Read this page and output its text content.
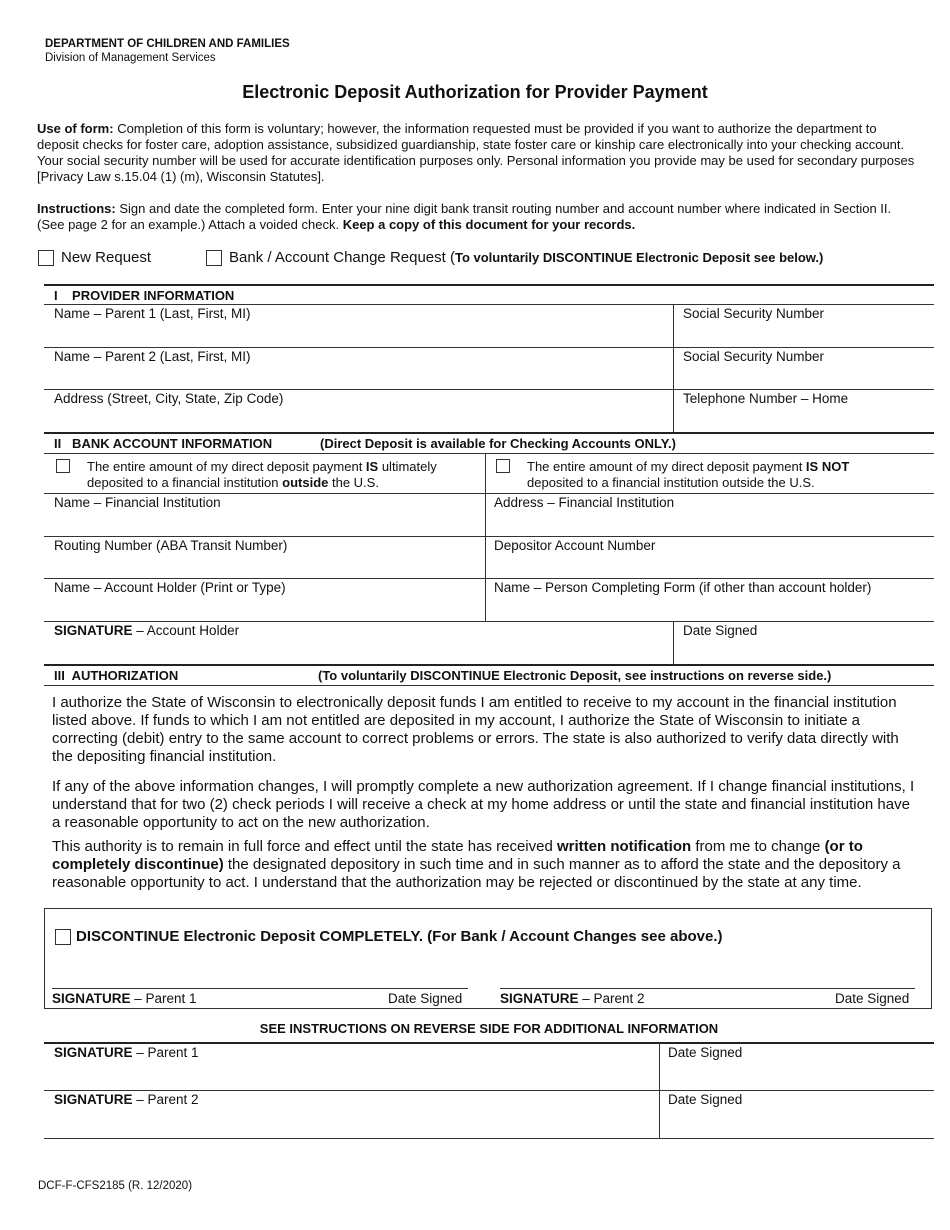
DEPARTMENT OF CHILDREN AND FAMILIES
Division of Management Services
Electronic Deposit Authorization for Provider Payment
Use of form: Completion of this form is voluntary; however, the information requested must be provided if you want to authorize the department to deposit checks for foster care, adoption assistance, subsidized guardianship, state foster care or kinship care electronically into your checking account. Your social security number will be used for accurate identification purposes only. Personal information you provide may be used for secondary purposes [Privacy Law s.15.04 (1) (m), Wisconsin Statutes].
Instructions: Sign and date the completed form. Enter your nine digit bank transit routing number and account number where indicated in Section II. (See page 2 for an example.) Attach a voided check. Keep a copy of this document for your records.
New Request	Bank / Account Change Request (To voluntarily DISCONTINUE Electronic Deposit see below.)
I    PROVIDER INFORMATION
Name – Parent 1 (Last, First, MI)	Social Security Number
Name – Parent 2 (Last, First, MI)	Social Security Number
Address (Street, City, State, Zip Code)	Telephone Number – Home
II   BANK ACCOUNT INFORMATION	(Direct Deposit is available for Checking Accounts ONLY.)
The entire amount of my direct deposit payment IS ultimately
deposited to a financial institution outside the U.S.
The entire amount of my direct deposit payment IS NOT
deposited to a financial institution outside the U.S.
Name – Financial Institution	Address – Financial Institution
Routing Number (ABA Transit Number)	Depositor Account Number
Name – Account Holder (Print or Type)	Name – Person Completing Form (if other than account holder)
SIGNATURE – Account Holder	Date Signed
III  AUTHORIZATION	(To voluntarily DISCONTINUE Electronic Deposit, see instructions on reverse side.)
I authorize the State of Wisconsin to electronically deposit funds I am entitled to receive to my account in the financial institution listed above. If funds to which I am not entitled are deposited in my account, I authorize the State of Wisconsin to initiate a correcting (debit) entry to the same account to correct problems or errors. The state is also authorized to verify data directly with the depositing financial institution.
If any of the above information changes, I will promptly complete a new authorization agreement. If I change financial institutions, I understand that for two (2) check periods I will receive a check at my home address or until the state and financial institution have a reasonable opportunity to act on the new authorization.
This authority is to remain in full force and effect until the state has received written notification from me to change (or to completely discontinue) the designated depository in such time and in such manner as to afford the state and the depository a reasonable opportunity to act. I understand that the authorization may be rejected or discontinued by the state at any time.
DISCONTINUE Electronic Deposit COMPLETELY. (For Bank / Account Changes see above.)
SIGNATURE – Parent 1	Date Signed	SIGNATURE – Parent 2	Date Signed
SEE INSTRUCTIONS ON REVERSE SIDE FOR ADDITIONAL INFORMATION
SIGNATURE – Parent 1	Date Signed
SIGNATURE – Parent 2	Date Signed
DCF-F-CFS2185 (R. 12/2020)
